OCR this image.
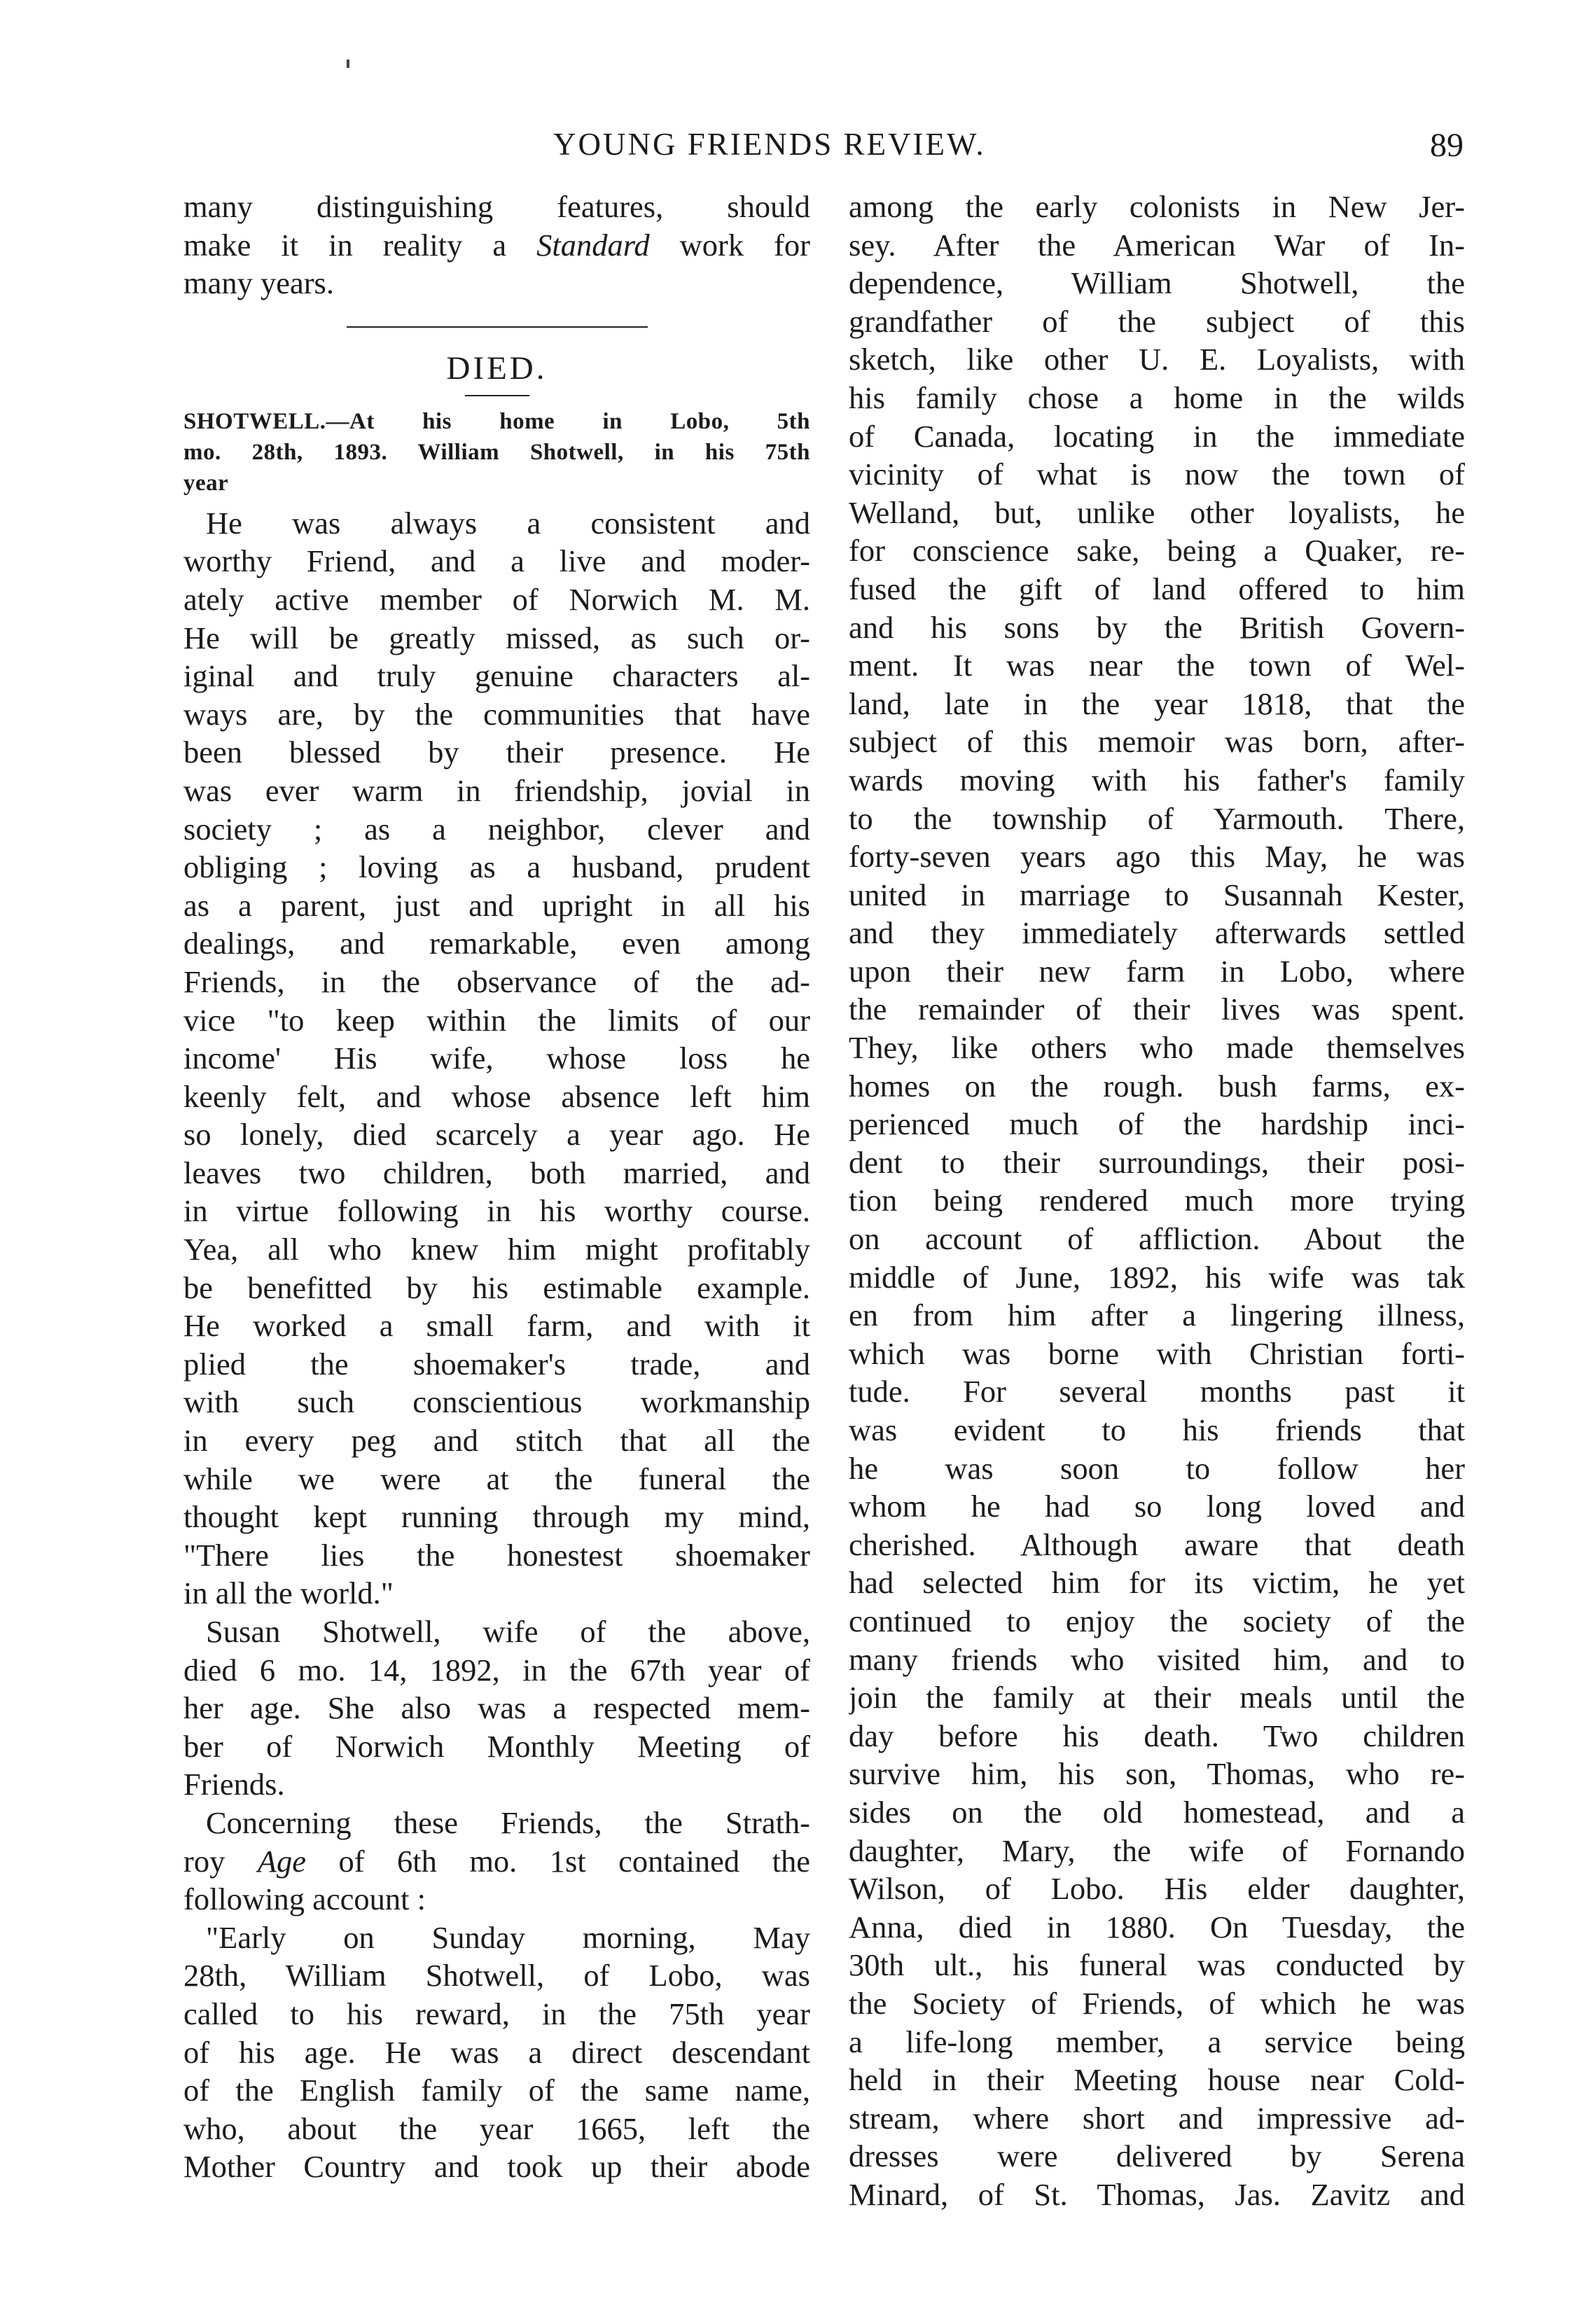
YOUNG FRIENDS REVIEW.	89
many distinguishing features, should
make it in reality a Standard work for
many years.
DIED.
SHOTWELL.—At his home in Lobo, 5th
mo. 28th, 1893. William Shotwell, in his 75th
year
He was always a consistent and
worthy Friend, and a live and moder-
ately active member of Norwich M. M.
He will be greatly missed, as such or-
iginal and truly genuine characters al-
ways are, by the communities that have
been blessed by their presence. He
was ever warm in friendship, jovial in
society ; as a neighbor, clever and
obliging ; loving as a husband, prudent
as a parent, just and upright in all his
dealings, and remarkable, even among
Friends, in the observance of the ad-
vice "to keep within the limits of our
income' His wife, whose loss he
keenly felt, and whose absence left him
so lonely, died scarcely a year ago. He
leaves two children, both married, and
in virtue following in his worthy course.
Yea, all who knew him might profitably
be benefitted by his estimable example.
He worked a small farm, and with it
plied the shoemaker's trade, and
with such conscientious workmanship
in every peg and stitch that all the
while we were at the funeral the
thought kept running through my mind,
"There lies the honestest shoemaker
in all the world."
Susan Shotwell, wife of the above,
died 6 mo. 14, 1892, in the 67th year of
her age. She also was a respected mem-
ber of Norwich Monthly Meeting of
Friends.
Concerning these Friends, the Strath-
roy Age of 6th mo. 1st contained the
following account :
"Early on Sunday morning, May
28th, William Shotwell, of Lobo, was
called to his reward, in the 75th year
of his age. He was a direct descendant
of the English family of the same name,
who, about the year 1665, left the
Mother Country and took up their abode
among the early colonists in New Jer-
sey. After the American War of In-
dependence, William Shotwell, the
grandfather of the subject of this
sketch, like other U. E. Loyalists, with
his family chose a home in the wilds
of Canada, locating in the immediate
vicinity of what is now the town of
Welland, but, unlike other loyalists, he
for conscience sake, being a Quaker, re-
fused the gift of land offered to him
and his sons by the British Govern-
ment. It was near the town of Wel-
land, late in the year 1818, that the
subject of this memoir was born, after-
wards moving with his father's family
to the township of Yarmouth. There,
forty-seven years ago this May, he was
united in marriage to Susannah Kester,
and they immediately afterwards settled
upon their new farm in Lobo, where
the remainder of their lives was spent.
They, like others who made themselves
homes on the rough. bush farms, ex-
perienced much of the hardship inci-
dent to their surroundings, their posi-
tion being rendered much more trying
on account of affliction. About the
middle of June, 1892, his wife was tak
en from him after a lingering illness,
which was borne with Christian forti-
tude. For several months past it
was evident to his friends that
he was soon to follow her
whom he had so long loved and
cherished. Although aware that death
had selected him for its victim, he yet
continued to enjoy the society of the
many friends who visited him, and to
join the family at their meals until the
day before his death. Two children
survive him, his son, Thomas, who re-
sides on the old homestead, and a
daughter, Mary, the wife of Fornando
Wilson, of Lobo. His elder daughter,
Anna, died in 1880. On Tuesday, the
30th ult., his funeral was conducted by
the Society of Friends, of which he was
a life-long member, a service being
held in their Meeting house near Cold-
stream, where short and impressive ad-
dresses were delivered by Serena
Minard, of St. Thomas, Jas. Zavitz and
